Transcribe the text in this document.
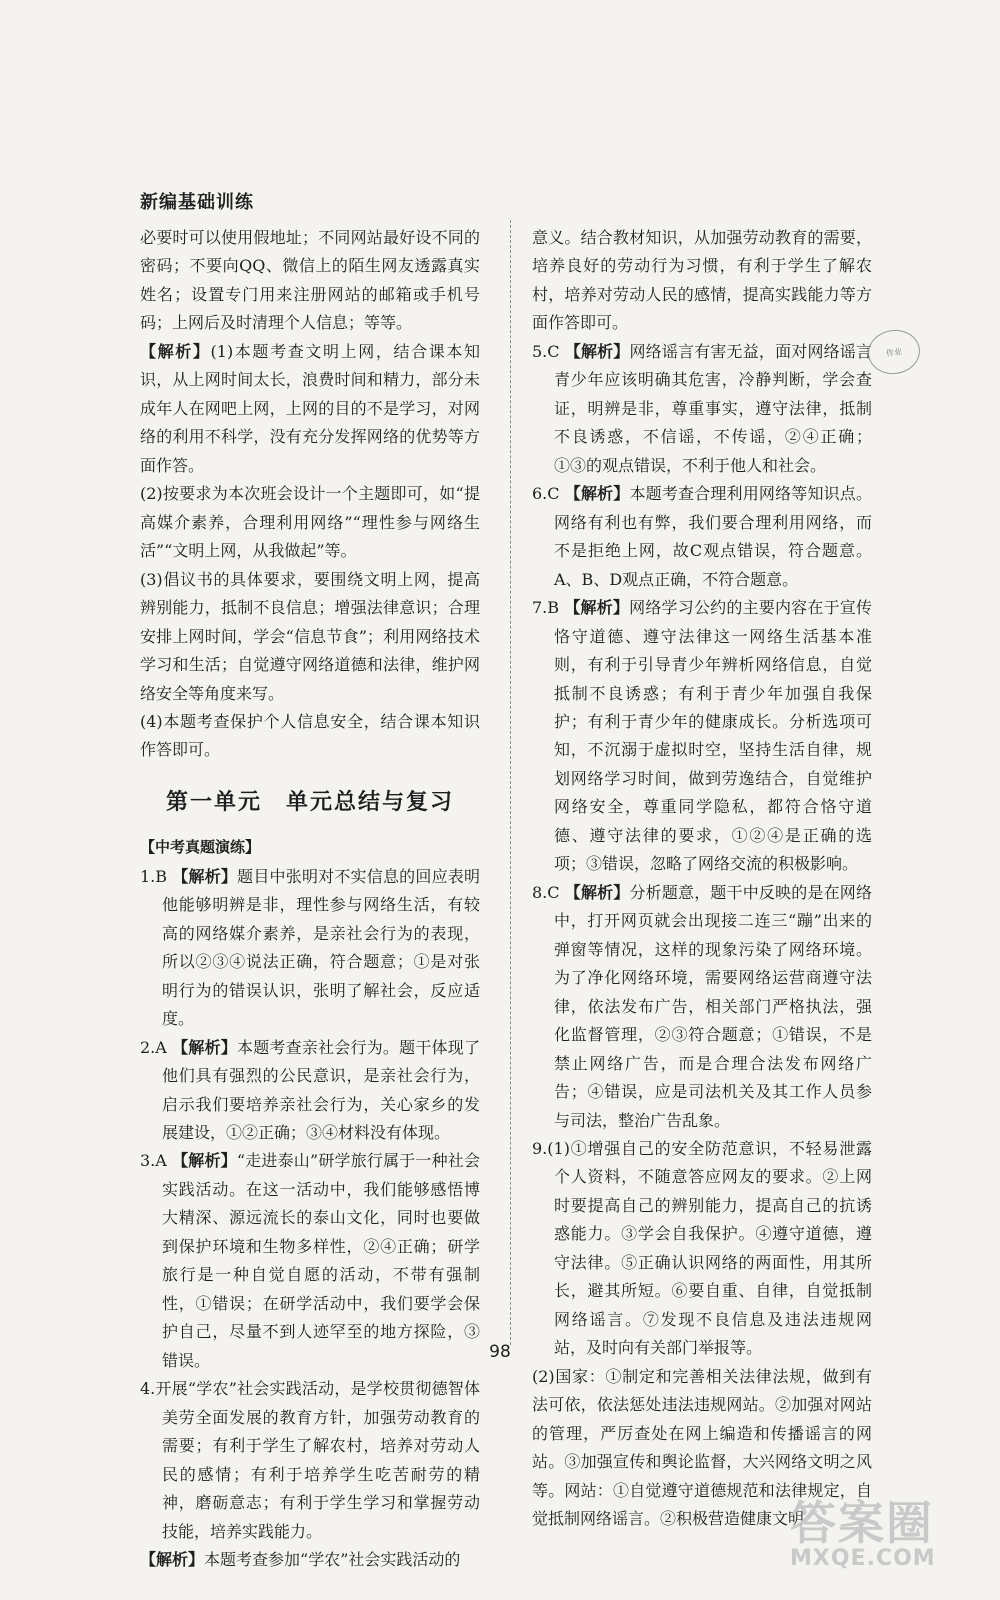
新编基础训练

必要时可以使用假地址；不同网站最好设不同的密码；不要向QQ、微信上的陌生网友透露真实姓名；设置专门用来注册网站的邮箱或手机号码；上网后及时清理个人信息；等等。

【解析】(1)本题考查文明上网，结合课本知识，从上网时间太长，浪费时间和精力，部分未成年人在网吧上网，上网的目的不是学习，对网络的利用不科学，没有充分发挥网络的优势等方面作答。

(2)按要求为本次班会设计一个主题即可，如“提高媒介素养，合理利用网络”“理性参与网络生活”“文明上网，从我做起”等。

(3)倡议书的具体要求，要围绕文明上网，提高辨别能力，抵制不良信息；增强法律意识；合理安排上网时间，学会“信息节食”；利用网络技术学习和生活；自觉遵守网络道德和法律，维护网络安全等角度来写。

(4)本题考查保护个人信息安全，结合课本知识作答即可。

第一单元　单元总结与复习
【中考真题演练】

1.B 【解析】题目中张明对不实信息的回应表明他能够明辨是非，理性参与网络生活，有较高的网络媒介素养，是亲社会行为的表现，所以②③④说法正确，符合题意；①是对张明行为的错误认识，张明了解社会，反应适度。

2.A 【解析】本题考查亲社会行为。题干体现了他们具有强烈的公民意识，是亲社会行为，启示我们要培养亲社会行为，关心家乡的发展建设，①②正确；③④材料没有体现。

3.A 【解析】“走进泰山”研学旅行属于一种社会实践活动。在这一活动中，我们能够感悟博大精深、源远流长的泰山文化，同时也要做到保护环境和生物多样性，②④正确；研学旅行是一种自觉自愿的活动，不带有强制性，①错误；在研学活动中，我们要学会保护自己，尽量不到人迹罕至的地方探险，③错误。

4.开展“学农”社会实践活动，是学校贯彻德智体美劳全面发展的教育方针，加强劳动教育的需要；有利于学生了解农村，培养对劳动人民的感情；有利于培养学生吃苦耐劳的精神，磨砺意志；有利于学生学习和掌握劳动技能，培养实践能力。

【解析】本题考查参加“学农”社会实践活动的

意义。结合教材知识，从加强劳动教育的需要，培养良好的劳动行为习惯，有利于学生了解农村，培养对劳动人民的感情，提高实践能力等方面作答即可。

5.C 【解析】网络谣言有害无益，面对网络谣言青少年应该明确其危害，冷静判断，学会查证，明辨是非，尊重事实，遵守法律，抵制不良诱惑，不信谣，不传谣，②④正确；①③的观点错误，不利于他人和社会。

6.C 【解析】本题考查合理利用网络等知识点。网络有利也有弊，我们要合理利用网络，而不是拒绝上网，故C观点错误，符合题意。A、B、D观点正确，不符合题意。

7.B 【解析】网络学习公约的主要内容在于宣传恪守道德、遵守法律这一网络生活基本准则，有利于引导青少年辨析网络信息，自觉抵制不良诱惑；有利于青少年加强自我保护；有利于青少年的健康成长。分析选项可知，不沉溺于虚拟时空，坚持生活自律，规划网络学习时间，做到劳逸结合，自觉维护网络安全，尊重同学隐私，都符合恪守道德、遵守法律的要求，①②④是正确的选项；③错误，忽略了网络交流的积极影响。

8.C 【解析】分析题意，题干中反映的是在网络中，打开网页就会出现接二连三“蹦”出来的弹窗等情况，这样的现象污染了网络环境。为了净化网络环境，需要网络运营商遵守法律，依法发布广告，相关部门严格执法，强化监督管理，②③符合题意；①错误，不是禁止网络广告，而是合理合法发布网络广告；④错误，应是司法机关及其工作人员参与司法，整治广告乱象。

9.(1)①增强自己的安全防范意识，不轻易泄露个人资料，不随意答应网友的要求。②上网时要提高自己的辨别能力，提高自己的抗诱惑能力。③学会自我保护。④遵守道德，遵守法律。⑤正确认识网络的两面性，用其所长，避其所短。⑥要自重、自律，自觉抵制网络谣言。⑦发现不良信息及违法违规网站，及时向有关部门举报等。

(2)国家：①制定和完善相关法律法规，做到有法可依，依法惩处违法违规网站。②加强对网站的管理，严厉查处在网上编造和传播谣言的网站。③加强宣传和舆论监督，大兴网络文明之风等。网站：①自觉遵守道德规范和法律规定，自觉抵制网络谣言。②积极营造健康文明

98
作业
答案圈
MXQE.COM
